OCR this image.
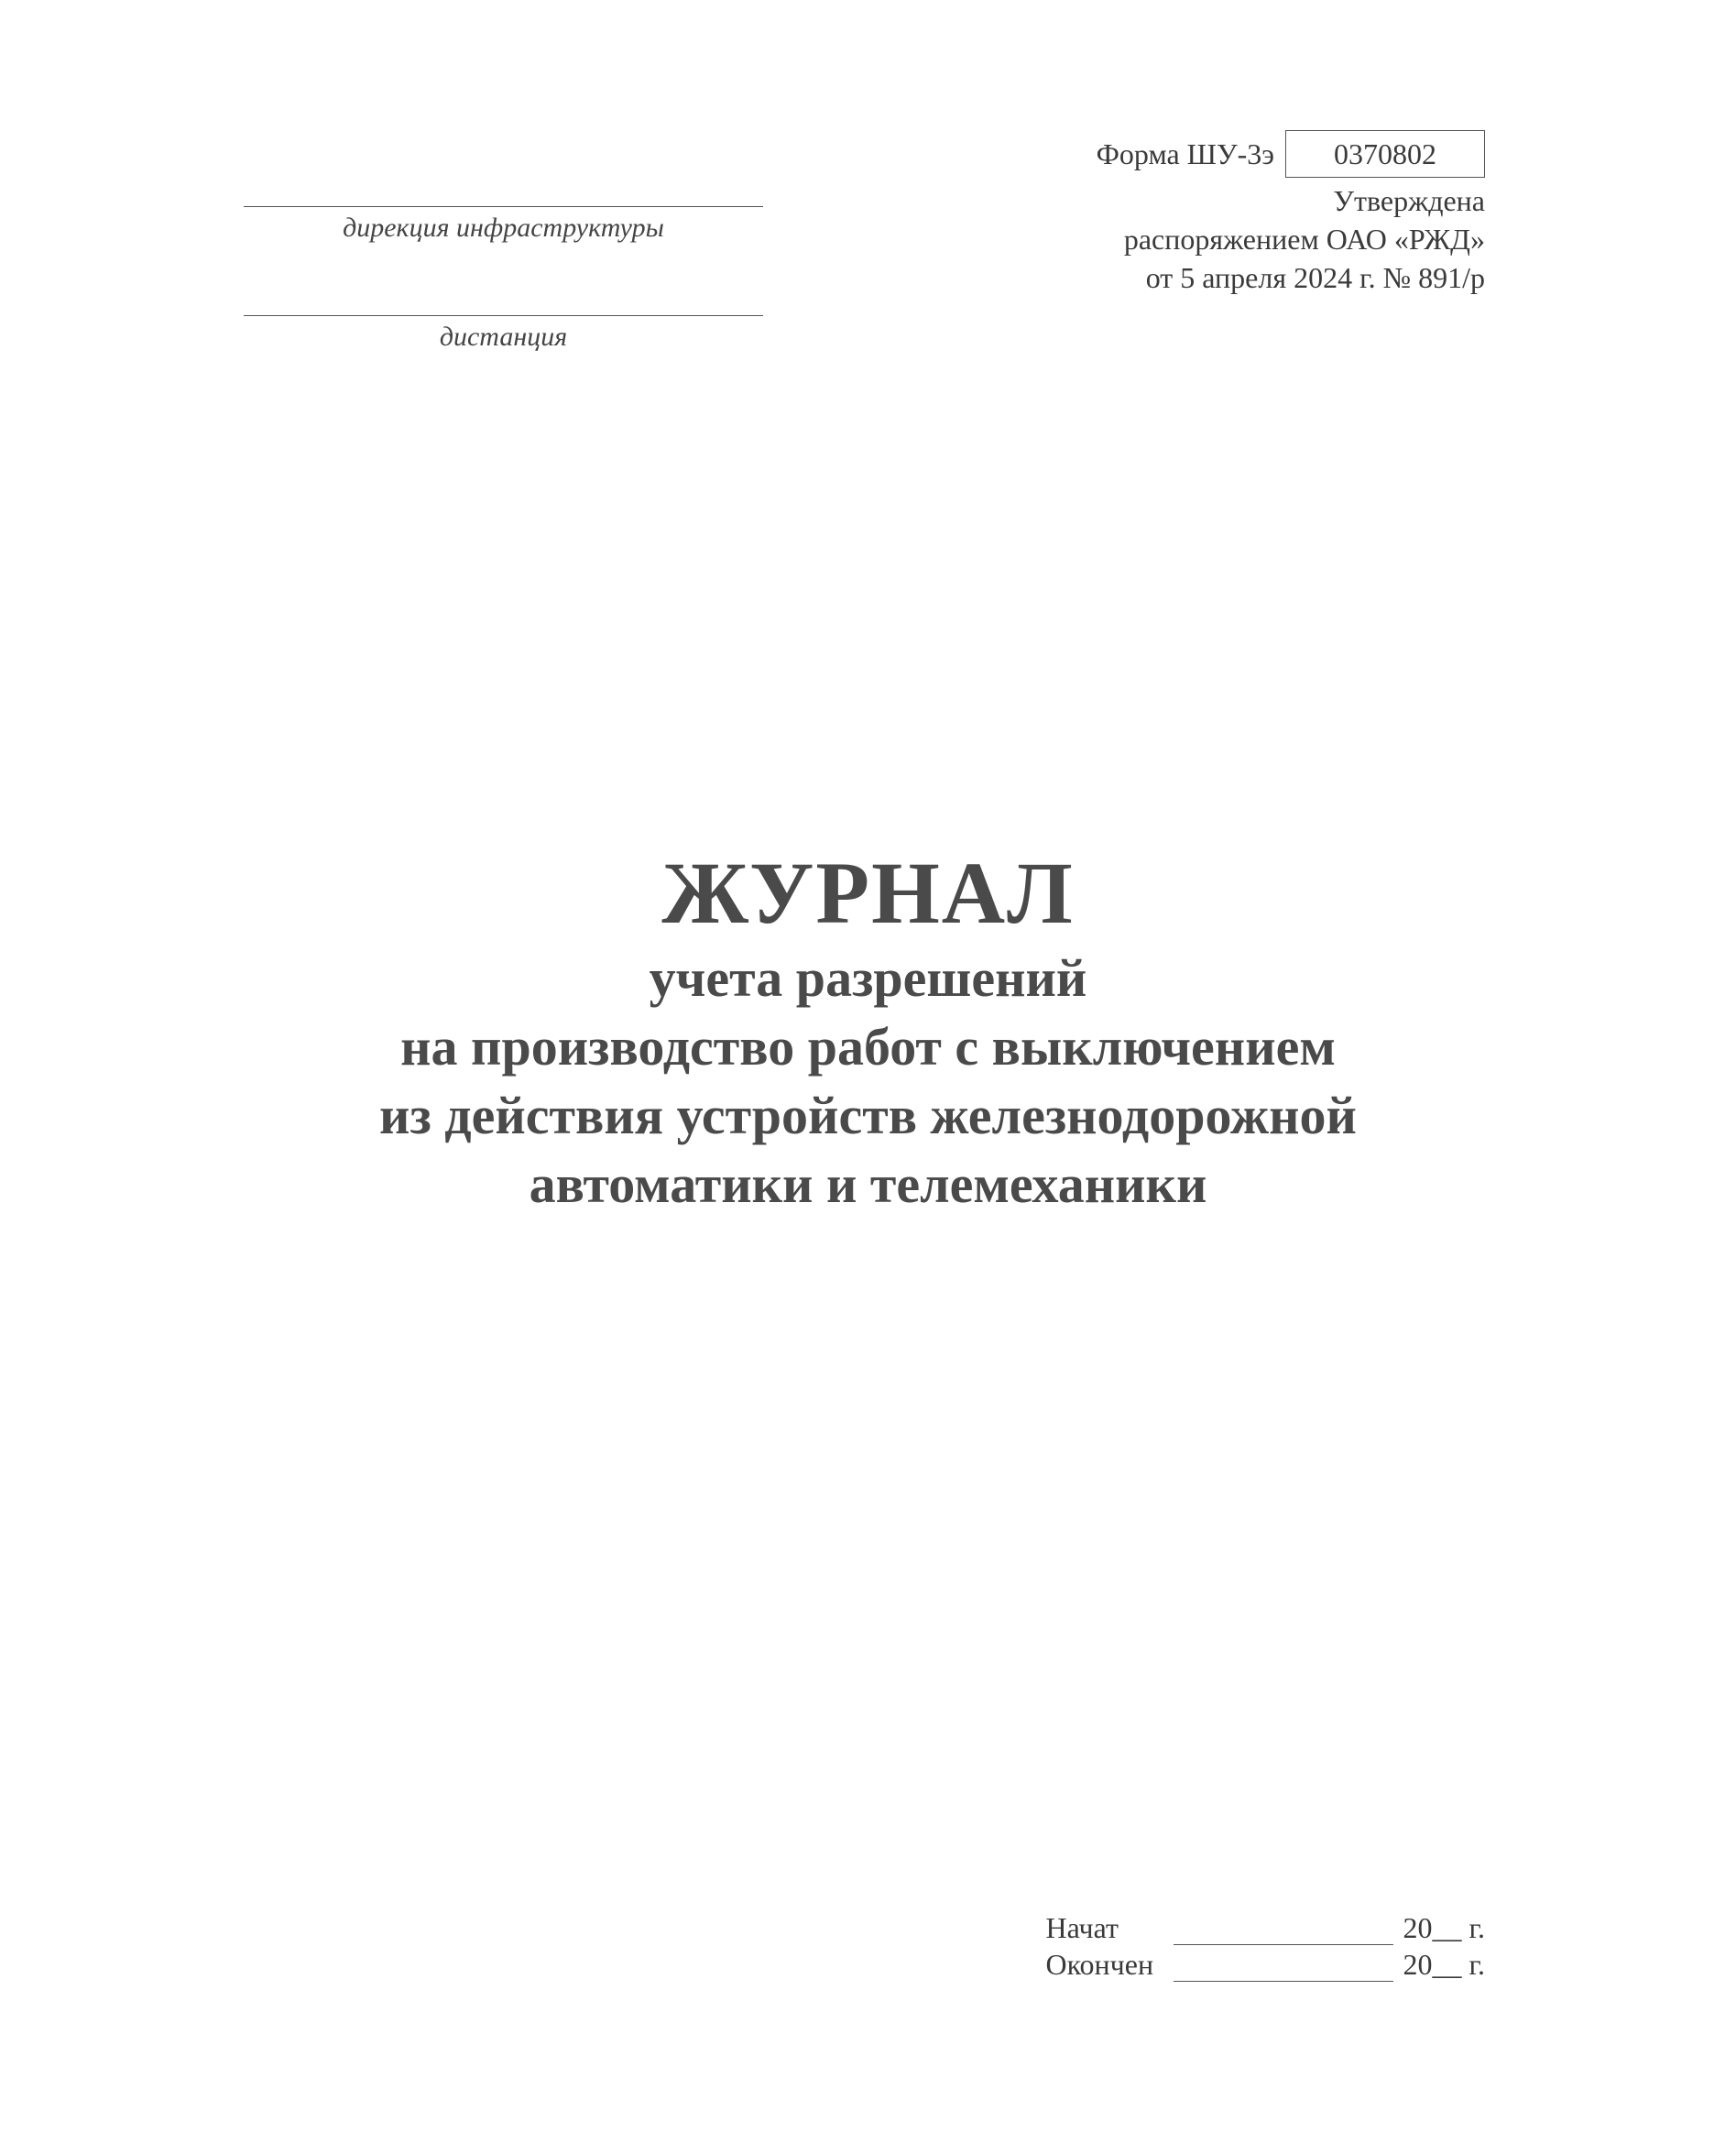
дирекция инфраструктуры
дистанция
Форма ШУ-3э	0370802
Утверждена
распоряжением ОАО «РЖД»
от 5 апреля 2024 г. № 891/р
ЖУРНАЛ
учета разрешений
на производство работ с выключением
из действия устройств железнодорожной
автоматики и телемеханики
Начат	20__ г.
Окончен	20__ г.
